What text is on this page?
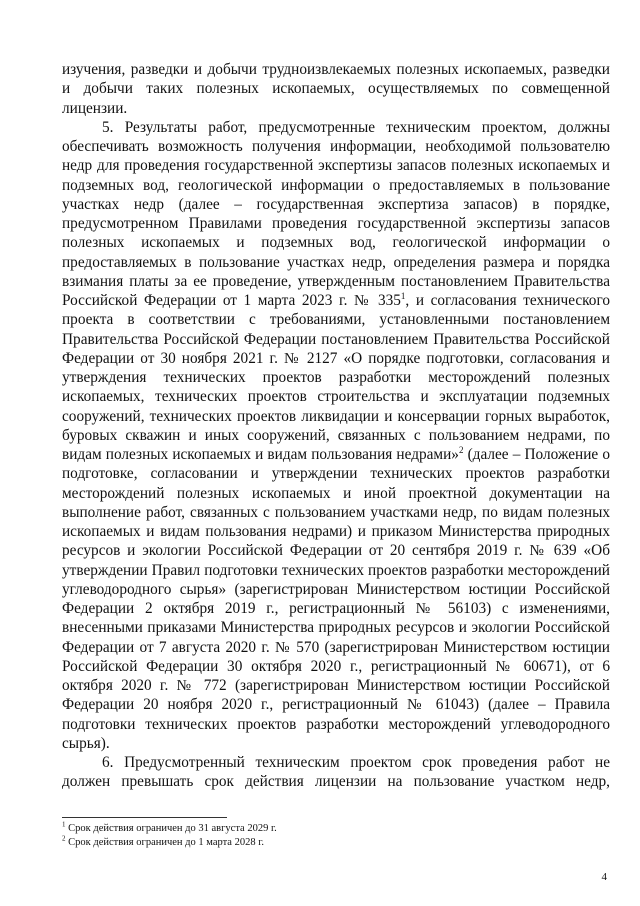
изучения, разведки и добычи трудноизвлекаемых полезных ископаемых, разведки и добычи таких полезных ископаемых, осуществляемых по совмещенной лицензии.

5. Результаты работ, предусмотренные техническим проектом, должны обеспечивать возможность получения информации, необходимой пользователю недр для проведения государственной экспертизы запасов полезных ископаемых и подземных вод, геологической информации о предоставляемых в пользование участках недр (далее – государственная экспертиза запасов) в порядке, предусмотренном Правилами проведения государственной экспертизы запасов полезных ископаемых и подземных вод, геологической информации о предоставляемых в пользование участках недр, определения размера и порядка взимания платы за ее проведение, утвержденным постановлением Правительства Российской Федерации от 1 марта 2023 г. № $335^1$, и согласования технического проекта в соответствии с требованиями, установленными постановлением Правительства Российской Федерации постановлением Правительства Российской Федерации от 30 ноября 2021 г. № 2127 «О порядке подготовки, согласования и утверждения технических проектов разработки месторождений полезных ископаемых, технических проектов строительства и эксплуатации подземных сооружений, технических проектов ликвидации и консервации горных выработок, буровых скважин и иных сооружений, связанных с пользованием недрами, по видам полезных ископаемых и видам пользования недрами»$^2$ (далее – Положение о подготовке, согласовании и утверждении технических проектов разработки месторождений полезных ископаемых и иной проектной документации на выполнение работ, связанных с пользованием участками недр, по видам полезных ископаемых и видам пользования недрами) и приказом Министерства природных ресурсов и экологии Российской Федерации от 20 сентября 2019 г. № 639 «Об утверждении Правил подготовки технических проектов разработки месторождений углеводородного сырья» (зарегистрирован Министерством юстиции Российской Федерации 2 октября 2019 г., регистрационный № 56103) с изменениями, внесенными приказами Министерства природных ресурсов и экологии Российской Федерации от 7 августа 2020 г. № 570 (зарегистрирован Министерством юстиции Российской Федерации 30 октября 2020 г., регистрационный № 60671), от 6 октября 2020 г. № 772 (зарегистрирован Министерством юстиции Российской Федерации 20 ноября 2020 г., регистрационный № 61043) (далее – Правила подготовки технических проектов разработки месторождений углеводородного сырья).

6. Предусмотренный техническим проектом срок проведения работ не должен превышать срок действия лицензии на пользование участком недр,

$^1$ Срок действия ограничен до 31 августа 2029 г.

$^2$ Срок действия ограничен до 1 марта 2028 г.

4
